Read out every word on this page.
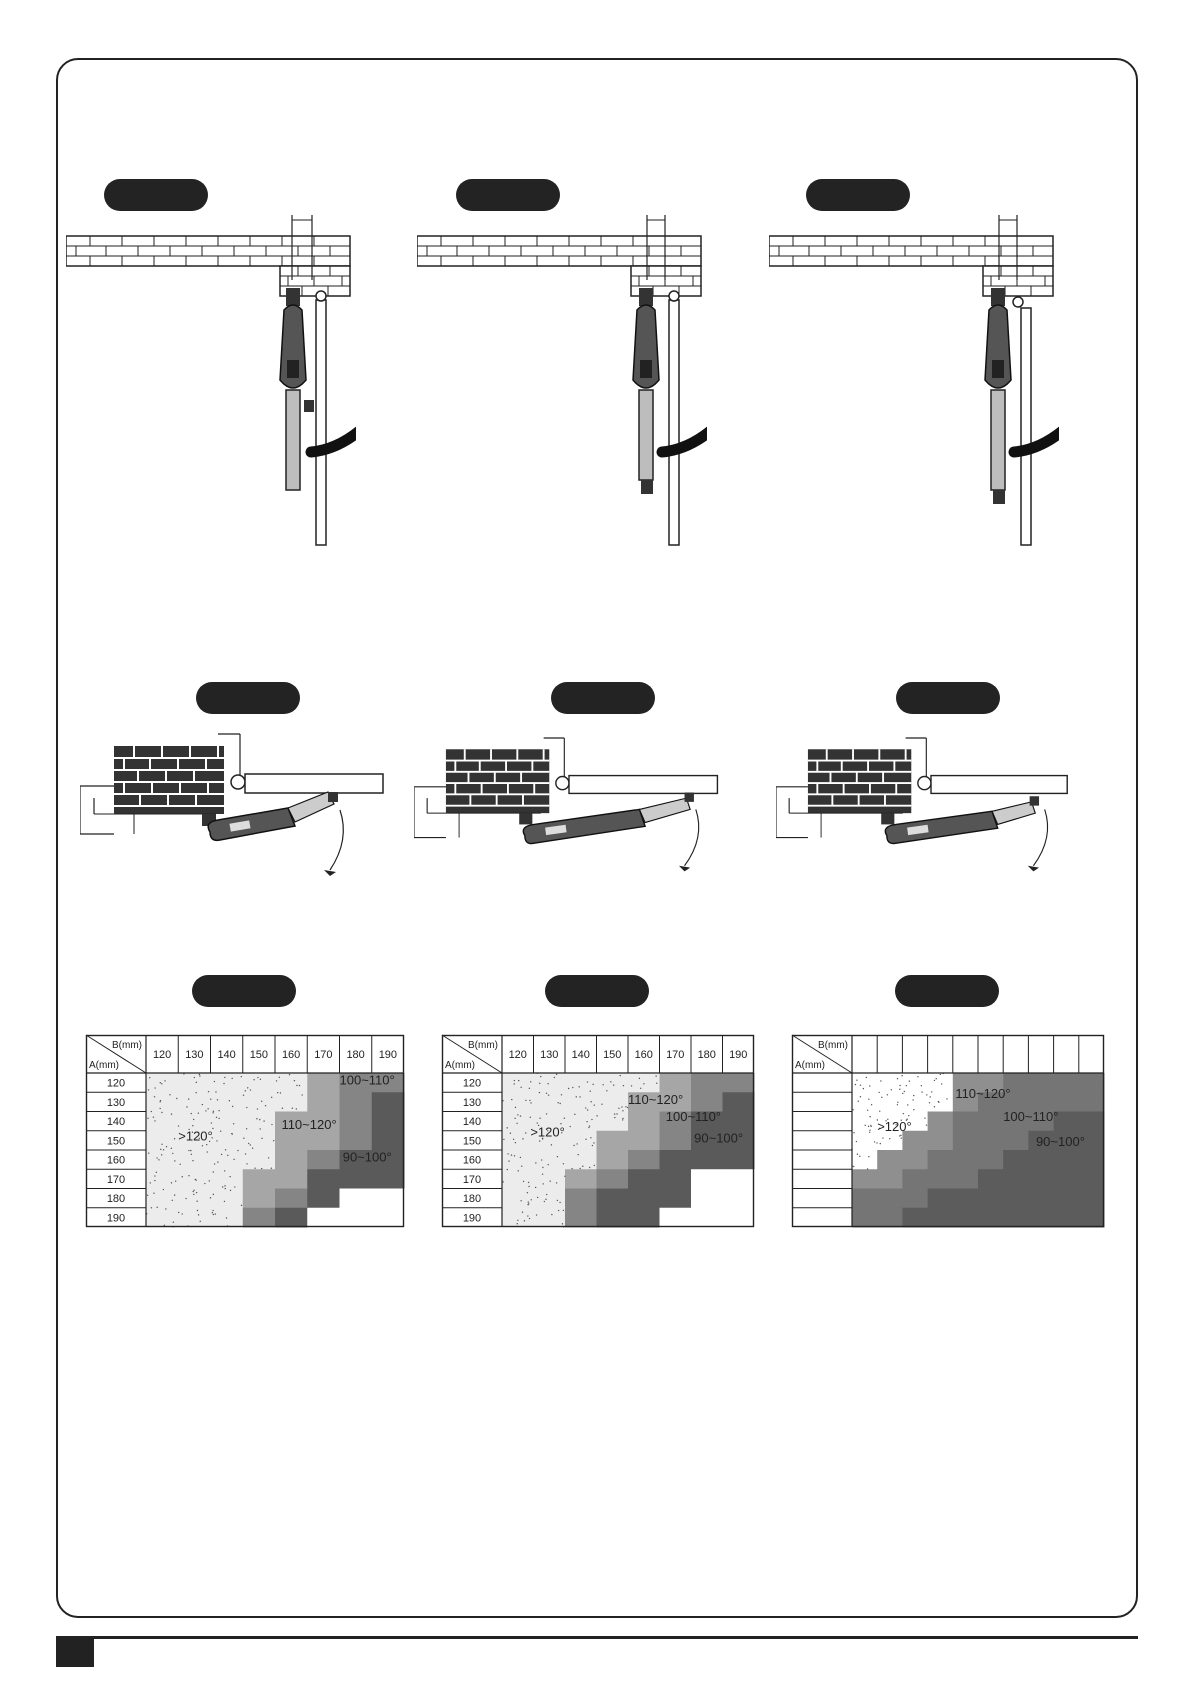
B(mm)
A(mm)
120 130 140 150 160 170 180 190
120
130
140
150
160
170
180
190
>120°
110~120°
100~110°
90~100°
B(mm)
A(mm)
120 130 140 150 160 170 180 190
120
130
140
150
160
170
180
190
>120°
110~120°
100~110°
90~100°
B(mm)
A(mm)
>120°
110~120°
100~110°
90~100°
